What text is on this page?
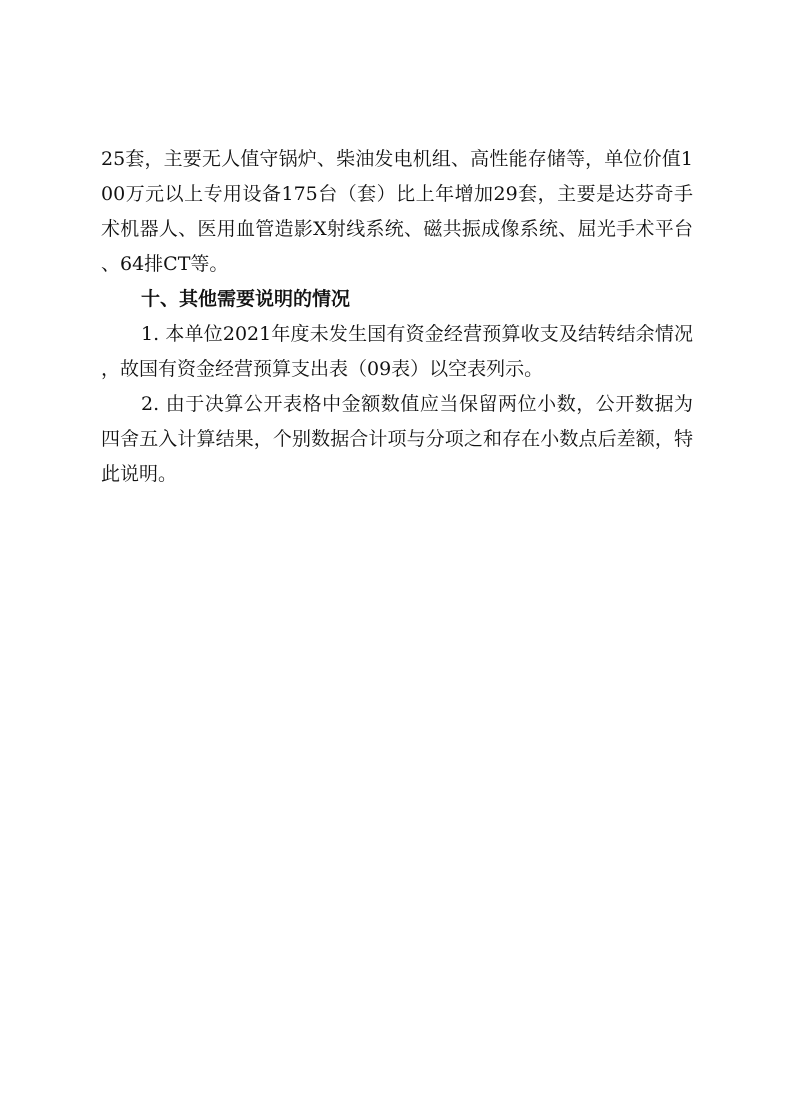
25套，主要无人值守锅炉、柴油发电机组、高性能存储等，单位价值100万元以上专用设备175台（套）比上年增加29套，主要是达芬奇手术机器人、医用血管造影X射线系统、磁共振成像系统、屈光手术平台、64排CT等。

十、其他需要说明的情况

1. 本单位2021年度未发生国有资金经营预算收支及结转结余情况，故国有资金经营预算支出表（09表）以空表列示。

2. 由于决算公开表格中金额数值应当保留两位小数，公开数据为四舍五入计算结果，个别数据合计项与分项之和存在小数点后差额，特此说明。
